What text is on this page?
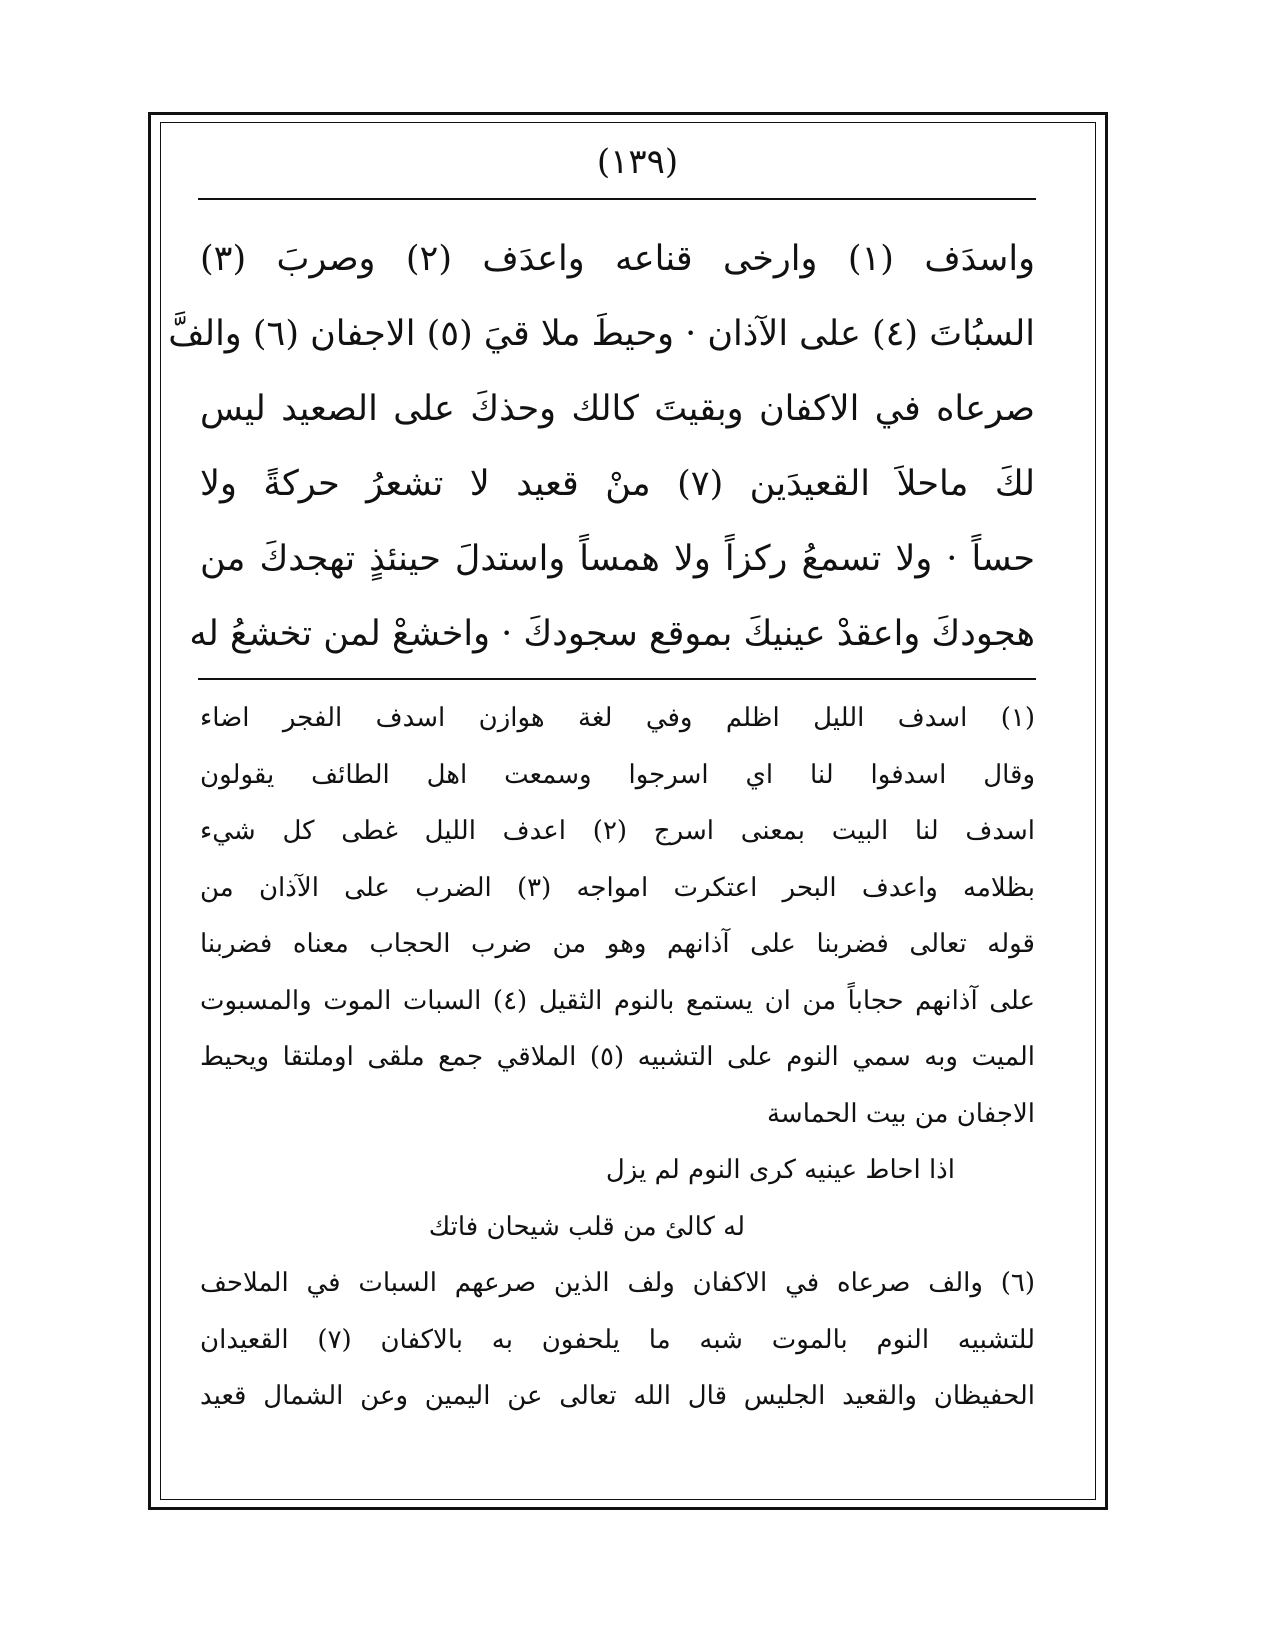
(١٣٩)
واسدَف (١) وارخى قناعه واعدَف (٢) وصربَ (٣)
السبُاتَ (٤) على الآذان · وحيطَ ملا قيَ (٥) الاجفان (٦) والفَّ
صرعاه في الاكفان وبقيتَ كالك وحذكَ على الصعيد ليس
لكَ ماحلاَ القعيدَين (٧) منْ قعيد لا تشعرُ حركةً ولا
حساً · ولا تسمعُ ركزاً ولا همساً واستدلَ حينئذٍ تهجدكَ من
هجودكَ واعقدْ عينيكَ بموقع سجودكَ · واخشعْ لمن تخشعُ له
(١) اسدف الليل اظلم وفي لغة هوازن اسدف الفجر اضاء
وقال اسدفوا لنا اي اسرجوا وسمعت اهل الطائف يقولون
اسدف لنا البيت بمعنى اسرج (٢) اعدف الليل غطى كل شيء
بظلامه واعدف البحر اعتكرت امواجه (٣) الضرب على الآذان من
قوله تعالى فضربنا على آذانهم وهو من ضرب الحجاب معناه فضربنا
على آذانهم حجاباً من ان يستمع بالنوم الثقيل (٤) السبات الموت والمسبوت
الميت وبه سمي النوم على التشبيه (٥) الملاقي جمع ملقى اوملتقا ويحيط
الاجفان من بيت الحماسة
اذا احاط عينيه كرى النوم لم يزل
له كالئ من قلب شيحان فاتك
(٦) والف صرعاه في الاكفان ولف الذين صرعهم السبات في الملاحف
للتشبيه النوم بالموت شبه ما يلحفون به بالاكفان (٧) القعيدان
الحفيظان والقعيد الجليس قال الله تعالى عن اليمين وعن الشمال قعيد
